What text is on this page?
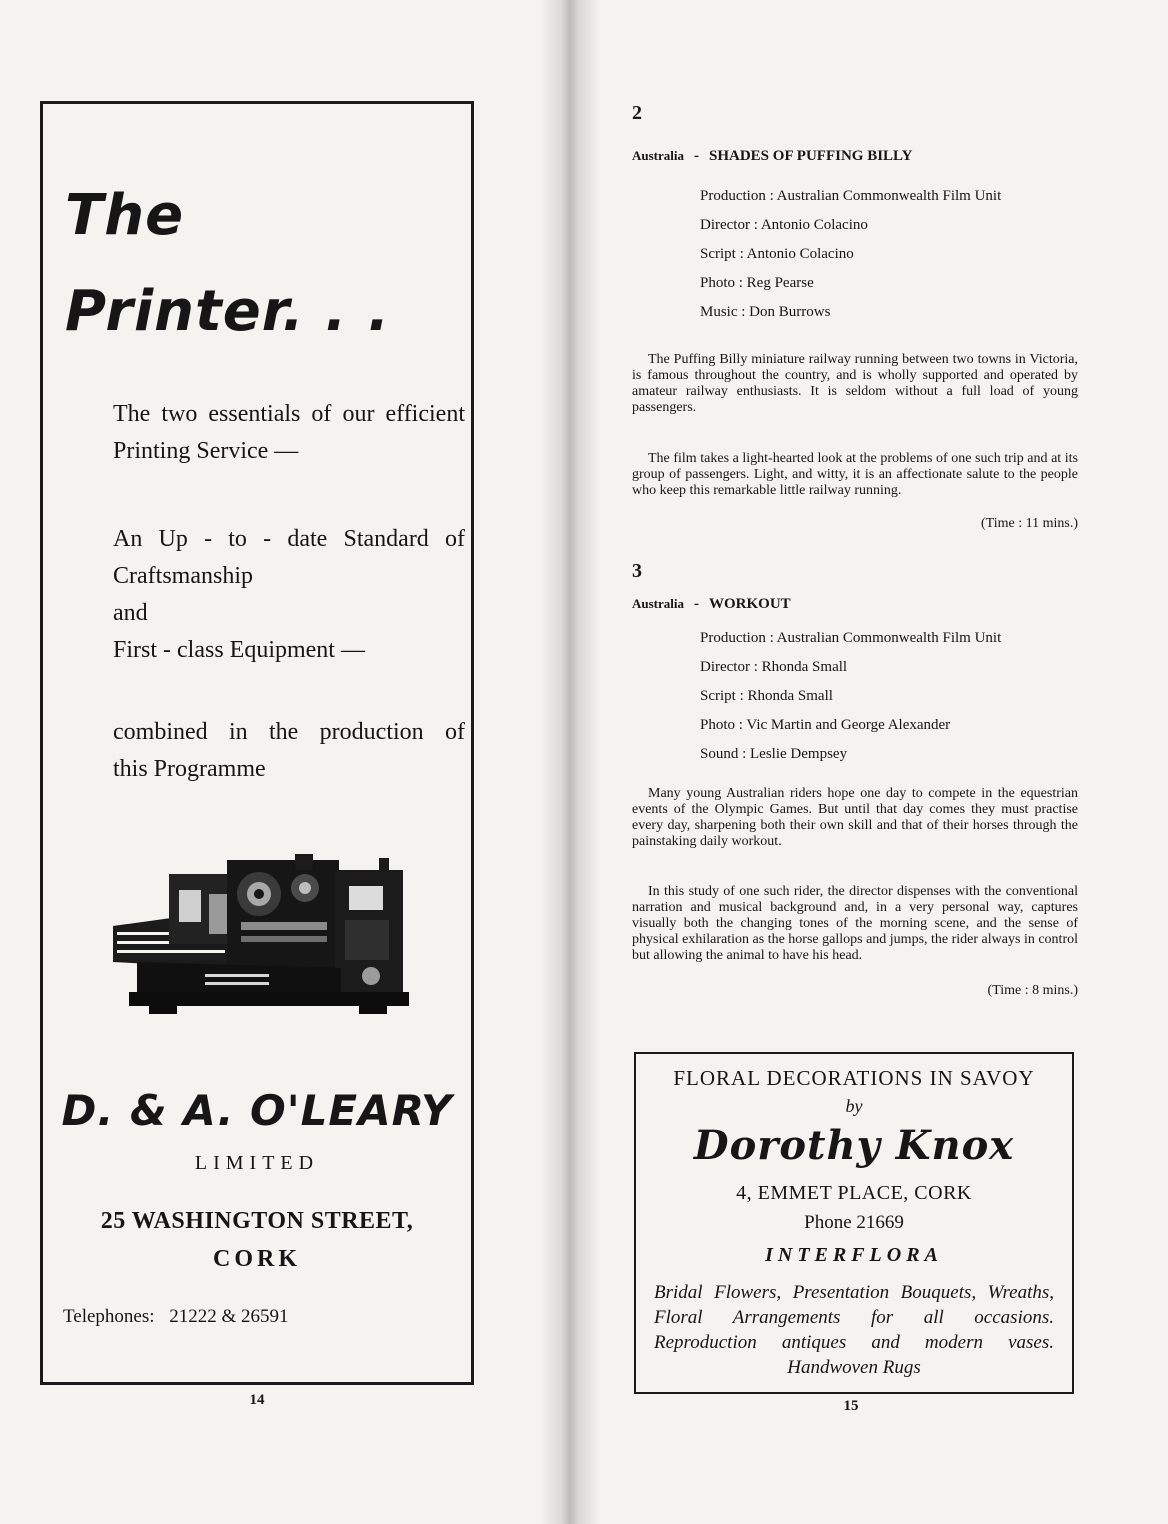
The
Printer. . .
The two essentials of our efficient
Printing Service —
An Up - to - date Standard of
Craftsmanship
and
First - class Equipment —
combined in the production of
this Programme
D. & A. O'LEARY
LIMITED
25 WASHINGTON STREET,
CORK
Telephones: 21222 & 26591
14
2
Australia - SHADES OF PUFFING BILLY
Production : Australian Commonwealth Film Unit
Director : Antonio Colacino
Script : Antonio Colacino
Photo : Reg Pearse
Music : Don Burrows

The Puffing Billy miniature railway running between two towns in Victoria, is famous throughout the country, and is wholly supported and operated by amateur railway enthusiasts. It is seldom without a full load of young passengers.

The film takes a light-hearted look at the problems of one such trip and at its group of passengers. Light, and witty, it is an affectionate salute to the people who keep this remarkable little railway running.

(Time : 11 mins.)
3
Australia - WORKOUT
Production : Australian Commonwealth Film Unit
Director : Rhonda Small
Script : Rhonda Small
Photo : Vic Martin and George Alexander
Sound : Leslie Dempsey

Many young Australian riders hope one day to compete in the equestrian events of the Olympic Games. But until that day comes they must practise every day, sharpening both their own skill and that of their horses through the painstaking daily workout.

In this study of one such rider, the director dispenses with the conventional narration and musical background and, in a very personal way, captures visually both the changing tones of the morning scene, and the sense of physical exhilaration as the horse gallops and jumps, the rider always in control but allowing the animal to have his head.

(Time : 8 mins.)
FLORAL DECORATIONS IN SAVOY
by
Dorothy Knox
4, EMMET PLACE, CORK
Phone 21669
INTERFLORA
Bridal Flowers, Presentation Bouquets, Wreaths, Floral Arrangements for all occasions. Reproduction antiques and modern vases. Handwoven Rugs
15
